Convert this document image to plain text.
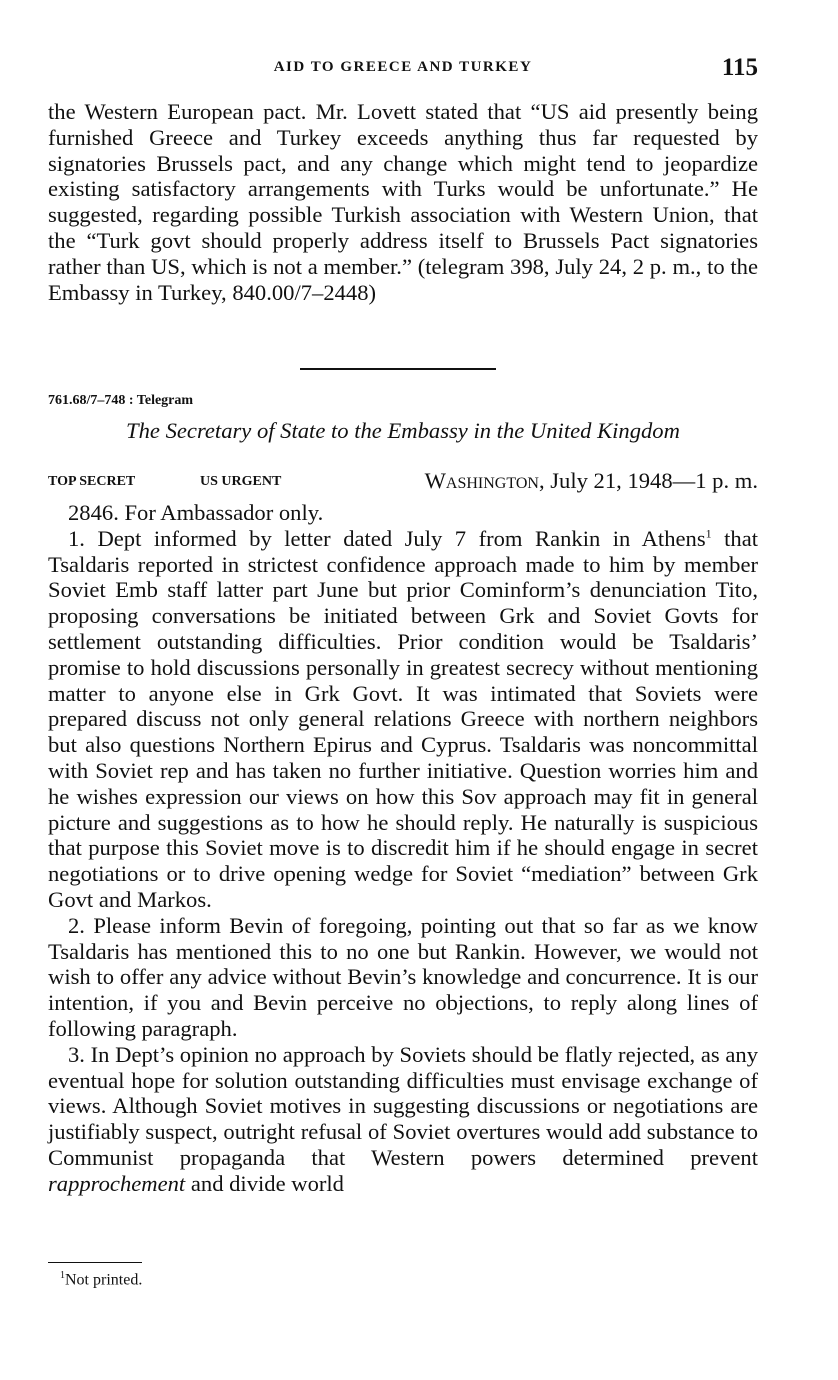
AID TO GREECE AND TURKEY	115

the Western European pact. Mr. Lovett stated that “US aid presently being furnished Greece and Turkey exceeds anything thus far requested by signatories Brussels pact, and any change which might tend to jeopardize existing satisfactory arrangements with Turks would be unfortunate.” He suggested, regarding possible Turkish association with Western Union, that the “Turk govt should properly address itself to Brussels Pact signatories rather than US, which is not a member.” (telegram 398, July 24, 2 p. m., to the Embassy in Turkey, 840.00/7–2448)

761.68/7–748 : Telegram
The Secretary of State to the Embassy in the United Kingdom
TOP SECRET	US URGENT	Washington, July 21, 1948—1 p. m.

2846. For Ambassador only.

1. Dept informed by letter dated July 7 from Rankin in Athens$^1$ that Tsaldaris reported in strictest confidence approach made to him by member Soviet Emb staff latter part June but prior Cominform’s denunciation Tito, proposing conversations be initiated between Grk and Soviet Govts for settlement outstanding difficulties. Prior condition would be Tsaldaris’ promise to hold discussions personally in greatest secrecy without mentioning matter to anyone else in Grk Govt. It was intimated that Soviets were prepared discuss not only general relations Greece with northern neighbors but also questions Northern Epirus and Cyprus. Tsaldaris was noncommittal with Soviet rep and has taken no further initiative. Question worries him and he wishes expression our views on how this Sov approach may fit in general picture and suggestions as to how he should reply. He naturally is suspicious that purpose this Soviet move is to discredit him if he should engage in secret negotiations or to drive opening wedge for Soviet “mediation” between Grk Govt and Markos.

2. Please inform Bevin of foregoing, pointing out that so far as we know Tsaldaris has mentioned this to no one but Rankin. However, we would not wish to offer any advice without Bevin’s knowledge and concurrence. It is our intention, if you and Bevin perceive no objections, to reply along lines of following paragraph.

3. In Dept’s opinion no approach by Soviets should be flatly rejected, as any eventual hope for solution outstanding difficulties must envisage exchange of views. Although Soviet motives in suggesting discussions or negotiations are justifiably suspect, outright refusal of Soviet overtures would add substance to Communist propaganda that Western powers determined prevent rapprochement and divide world

$^1$Not printed.
